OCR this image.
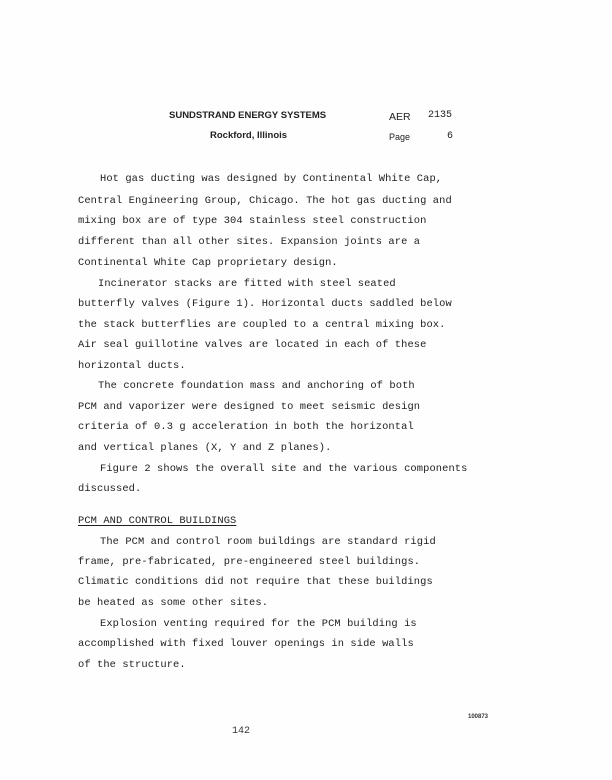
SUNDSTRAND ENERGY SYSTEMS
Rockford, Illinois
AER 2135
Page	6
Hot gas ducting was designed by Continental White Cap,
Central Engineering Group, Chicago. The hot gas ducting and
mixing box are of type 304 stainless steel construction
different than all other sites. Expansion joints are a
Continental White Cap proprietary design.
Incinerator stacks are fitted with steel seated
butterfly valves (Figure 1). Horizontal ducts saddled below
the stack butterflies are coupled to a central mixing box.
Air seal guillotine valves are located in each of these
horizontal ducts.
The concrete foundation mass and anchoring of both
PCM and vaporizer were designed to meet seismic design
criteria of 0.3 g acceleration in both the horizontal
and vertical planes (X, Y and Z planes).
Figure 2 shows the overall site and the various components
discussed.
PCM AND CONTROL BUILDINGS
The PCM and control room buildings are standard rigid
frame, pre-fabricated, pre-engineered steel buildings.
Climatic conditions did not require that these buildings
be heated as some other sites.
Explosion venting required for the PCM building is
accomplished with fixed louver openings in side walls
of the structure.
100873
142
